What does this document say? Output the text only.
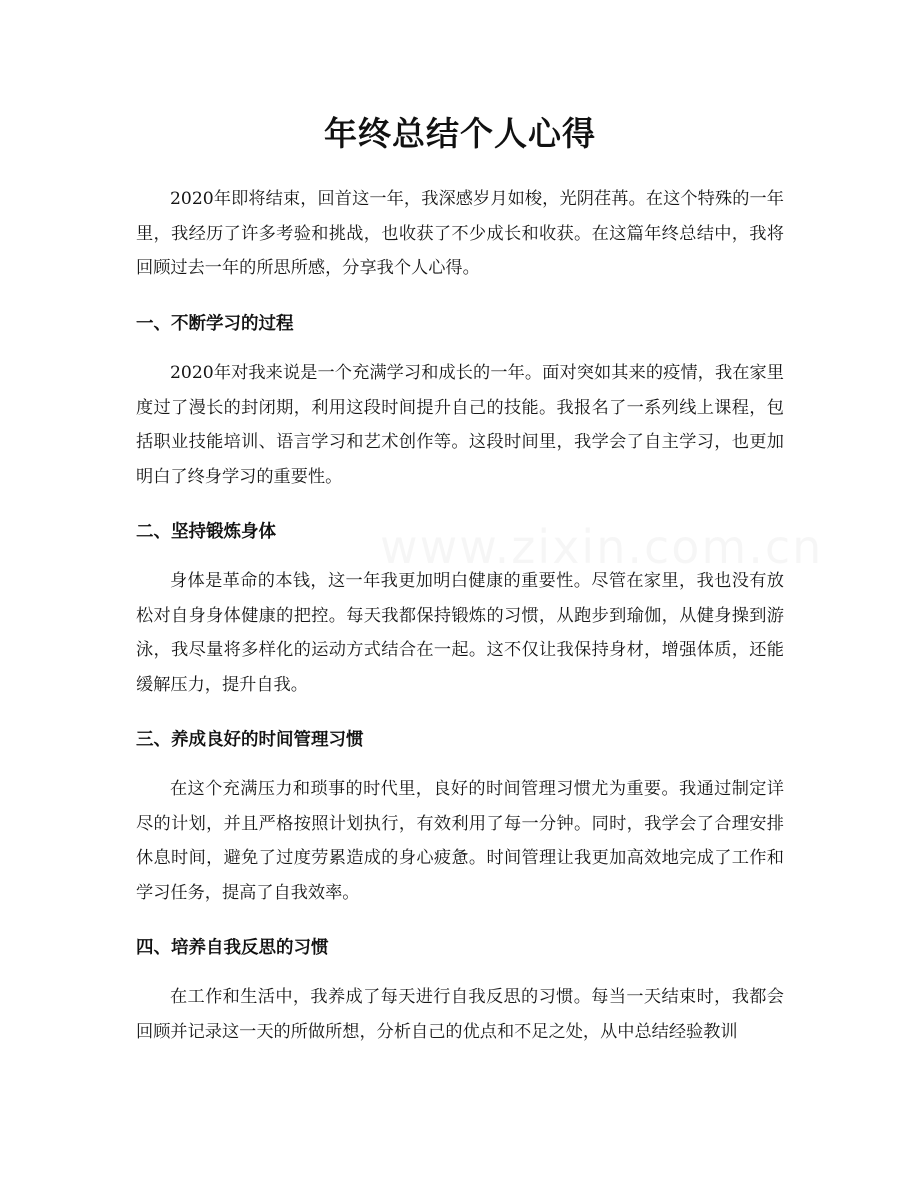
年终总结个人心得

2020年即将结束，回首这一年，我深感岁月如梭，光阴荏苒。在这个特殊的一年里，我经历了许多考验和挑战，也收获了不少成长和收获。在这篇年终总结中，我将回顾过去一年的所思所感，分享我个人心得。

一、不断学习的过程

2020年对我来说是一个充满学习和成长的一年。面对突如其来的疫情，我在家里度过了漫长的封闭期，利用这段时间提升自己的技能。我报名了一系列线上课程，包括职业技能培训、语言学习和艺术创作等。这段时间里，我学会了自主学习，也更加明白了终身学习的重要性。

二、坚持锻炼身体

身体是革命的本钱，这一年我更加明白健康的重要性。尽管在家里，我也没有放松对自身身体健康的把控。每天我都保持锻炼的习惯，从跑步到瑜伽，从健身操到游泳，我尽量将多样化的运动方式结合在一起。这不仅让我保持身材，增强体质，还能缓解压力，提升自我。

三、养成良好的时间管理习惯

在这个充满压力和琐事的时代里，良好的时间管理习惯尤为重要。我通过制定详尽的计划，并且严格按照计划执行，有效利用了每一分钟。同时，我学会了合理安排休息时间，避免了过度劳累造成的身心疲惫。时间管理让我更加高效地完成了工作和学习任务，提高了自我效率。

四、培养自我反思的习惯

在工作和生活中，我养成了每天进行自我反思的习惯。每当一天结束时，我都会回顾并记录这一天的所做所想，分析自己的优点和不足之处，从中总结经验教训
